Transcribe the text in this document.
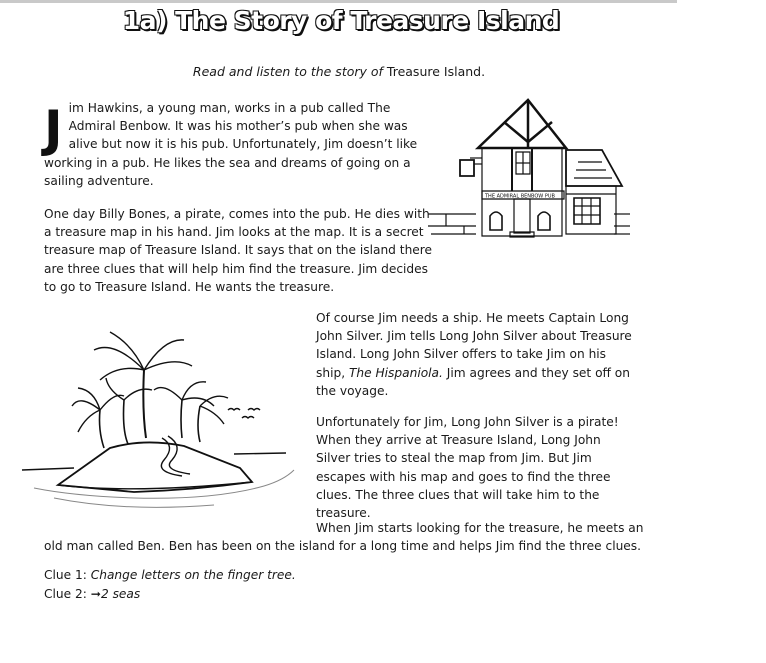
1a) The Story of Treasure Island
Read and listen to the story of Treasure Island.

Jim Hawkins, a young man, works in a pub called The Admiral Benbow. It was his mother’s pub when she was alive but now it is his pub. Unfortunately, Jim doesn’t like working in a pub. He likes the sea and dreams of going on a sailing adventure.

THE ADMIRAL BENBOW PUB

One day Billy Bones, a pirate, comes into the pub. He dies with a treasure map in his hand. Jim looks at the map. It is a secret treasure map of Treasure Island. It says that on the island there are three clues that will help him find the treasure. Jim decides to go to Treasure Island. He wants the treasure.

Of course Jim needs a ship. He meets Captain Long John Silver. Jim tells Long John Silver about Treasure Island. Long John Silver offers to take Jim on his ship, The Hispaniola. Jim agrees and they set off on the voyage.

Unfortunately for Jim, Long John Silver is a pirate! When they arrive at Treasure Island, Long John Silver tries to steal the map from Jim. But Jim escapes with his map and goes to find the three clues. The three clues that will take him to the treasure.

When Jim starts looking for the treasure, he meets an old man called Ben. Ben has been on the island for a long time and helps Jim find the three clues.

Clue 1: Change letters on the finger tree.
Clue 2: ➞2 seas
